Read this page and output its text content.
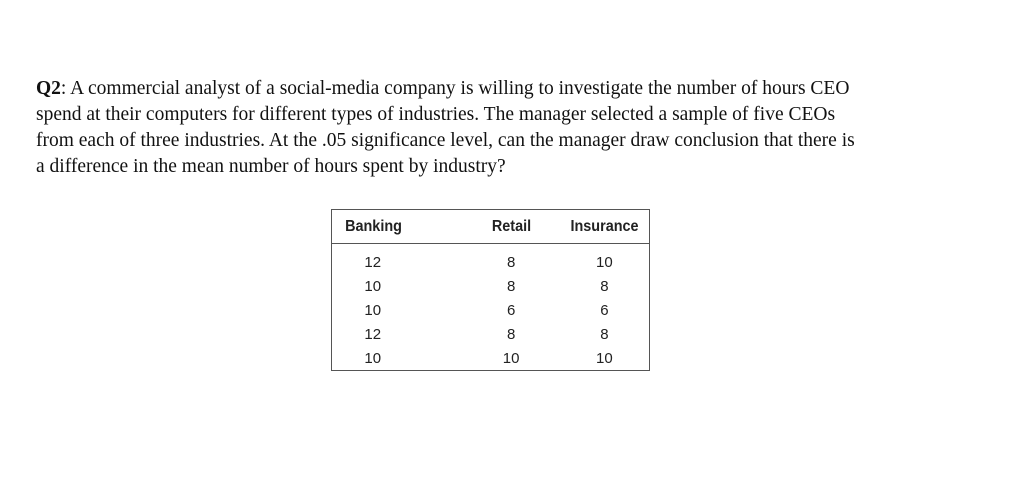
Q2: A commercial analyst of a social-media company is willing to investigate the number of hours CEO
spend at their computers for different types of industries. The manager selected a sample of five CEOs
from each of three industries. At the .05 significance level, can the manager draw conclusion that there is
a difference in the mean number of hours spent by industry?
Banking	Retail	Insurance
12	8	10
10	8	8
10	6	6
12	8	8
10	10	10
